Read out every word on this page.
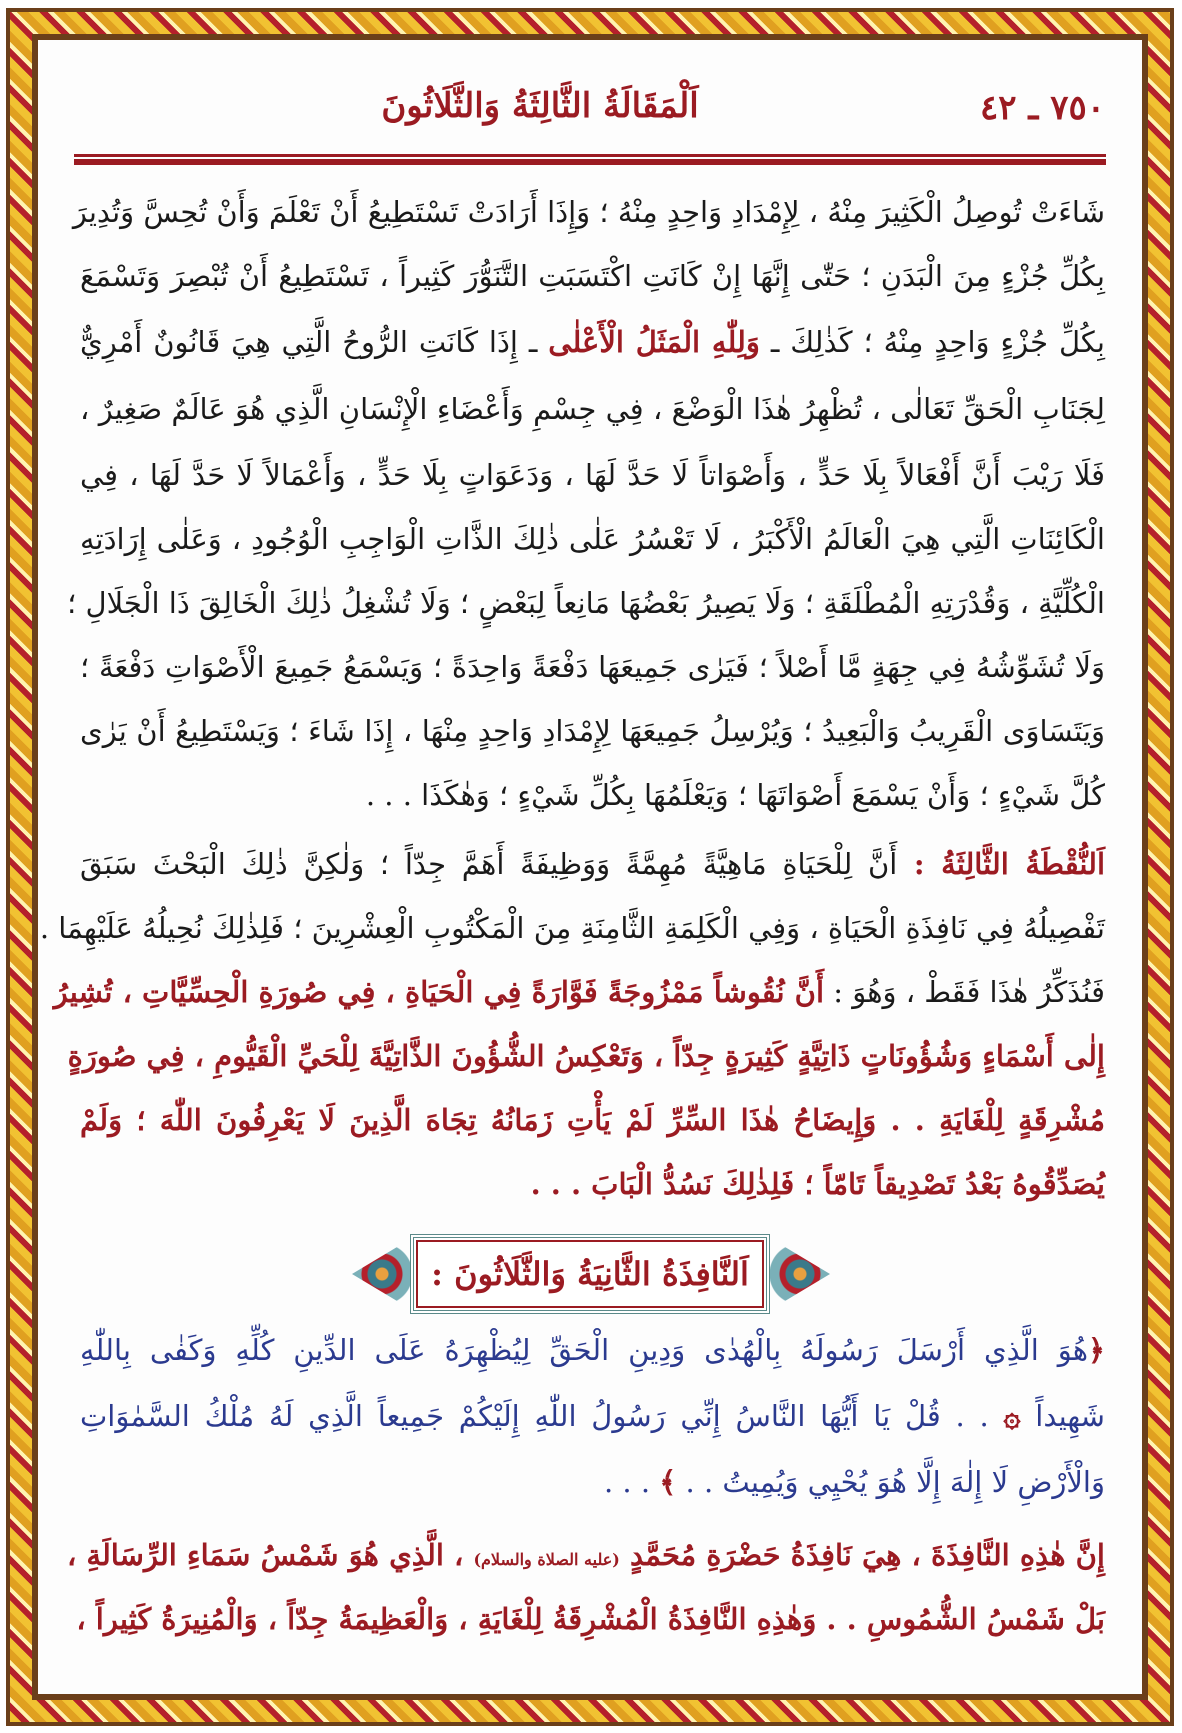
٧٥٠ ـ ٤٢
اَلْمَقَالَةُ الثَّالِثَةُ وَالثَّلَاثُونَ
شَاءَتْ تُوصِلُ الْكَثِيرَ مِنْهُ ، لِإِمْدَادِ وَاحِدٍ مِنْهُ ؛ وَإِذَا أَرَادَتْ تَسْتَطِيعُ أَنْ تَعْلَمَ وَأَنْ تُحِسَّ وَتُدِيرَ
بِكُلِّ جُزْءٍ مِنَ الْبَدَنِ ؛ حَتّٰى إِنَّهَا إِنْ كَانَتِ اكْتَسَبَتِ التَّنَوُّرَ كَثِيراً ، تَسْتَطِيعُ أَنْ تُبْصِرَ وَتَسْمَعَ
بِكُلِّ جُزْءٍ وَاحِدٍ مِنْهُ ؛ كَذٰلِكَ ـ وَلِلّٰهِ الْمَثَلُ الْأَعْلٰى ـ إِذَا كَانَتِ الرُّوحُ الَّتِي هِيَ قَانُونٌ أَمْرِيٌّ
لِجَنَابِ الْحَقِّ تَعَالٰى ، تُظْهِرُ هٰذَا الْوَضْعَ ، فِي جِسْمِ وَأَعْضَاءِ الْإِنْسَانِ الَّذِي هُوَ عَالَمٌ صَغِيرٌ ،
فَلَا رَيْبَ أَنَّ أَفْعَالاً بِلَا حَدٍّ ، وَأَصْوَاتاً لَا حَدَّ لَهَا ، وَدَعَوَاتٍ بِلَا حَدٍّ ، وَأَعْمَالاً لَا حَدَّ لَهَا ، فِي
الْكَائِنَاتِ الَّتِي هِيَ الْعَالَمُ الْأَكْبَرُ ، لَا تَعْسُرُ عَلٰى ذٰلِكَ الذَّاتِ الْوَاجِبِ الْوُجُودِ ، وَعَلٰى إِرَادَتِهِ
الْكُلِّيَّةِ ، وَقُدْرَتِهِ الْمُطْلَقَةِ ؛ وَلَا يَصِيرُ بَعْضُهَا مَانِعاً لِبَعْضٍ ؛ وَلَا تُشْغِلُ ذٰلِكَ الْخَالِقَ ذَا الْجَلَالِ ؛
وَلَا تُشَوِّشُهُ فِي جِهَةٍ مَّا أَصْلاً ؛ فَيَرٰى جَمِيعَهَا دَفْعَةً وَاحِدَةً ؛ وَيَسْمَعُ جَمِيعَ الْأَصْوَاتِ دَفْعَةً ؛
وَيَتَسَاوَى الْقَرِيبُ وَالْبَعِيدُ ؛ وَيُرْسِلُ جَمِيعَهَا لِإِمْدَادِ وَاحِدٍ مِنْهَا ، إِذَا شَاءَ ؛ وَيَسْتَطِيعُ أَنْ يَرٰى
كُلَّ شَيْءٍ ؛ وَأَنْ يَسْمَعَ أَصْوَاتَهَا ؛ وَيَعْلَمُهَا بِكُلِّ شَيْءٍ ؛ وَهٰكَذَا . . .
اَلنُّقْطَةُ الثَّالِثَةُ : أَنَّ لِلْحَيَاةِ مَاهِيَّةً مُهِمَّةً وَوَظِيفَةً أَهَمَّ جِدّاً ؛ وَلٰكِنَّ ذٰلِكَ الْبَحْثَ سَبَقَ
تَفْصِيلُهُ فِي نَافِذَةِ الْحَيَاةِ ، وَفِي الْكَلِمَةِ الثَّامِنَةِ مِنَ الْمَكْتُوبِ الْعِشْرِينَ ؛ فَلِذٰلِكَ نُحِيلُهُ عَلَيْهِمَا .
فَنُذَكِّرُ هٰذَا فَقَطْ ، وَهُوَ : أَنَّ نُقُوشاً مَمْزُوجَةً فَوَّارَةً فِي الْحَيَاةِ ، فِي صُورَةِ الْحِسِّيَّاتِ ، تُشِيرُ
إِلٰى أَسْمَاءٍ وَشُؤُونَاتٍ ذَاتِيَّةٍ كَثِيرَةٍ جِدّاً ، وَتَعْكِسُ الشُّؤُونَ الذَّاتِيَّةَ لِلْحَيِّ الْقَيُّومِ ، فِي صُورَةٍ
مُشْرِقَةٍ لِلْغَايَةِ . . وَإِيضَاحُ هٰذَا السِّرِّ لَمْ يَأْتِ زَمَانُهُ تِجَاهَ الَّذِينَ لَا يَعْرِفُونَ اللّٰهَ ؛ وَلَمْ
يُصَدِّقُوهُ بَعْدُ تَصْدِيقاً تَامّاً ؛ فَلِذٰلِكَ نَسُدُّ الْبَابَ . . .
﴿هُوَ الَّذِي أَرْسَلَ رَسُولَهُ بِالْهُدٰى وَدِينِ الْحَقِّ لِيُظْهِرَهُ عَلَى الدِّينِ كُلِّهِ وَكَفٰى بِاللّٰهِ
شَهِيداً ۞ . . قُلْ يَا أَيُّهَا النَّاسُ إِنِّي رَسُولُ اللّٰهِ إِلَيْكُمْ جَمِيعاً الَّذِي لَهُ مُلْكُ السَّمٰوَاتِ
وَالْأَرْضِ لَا إِلٰهَ إِلَّا هُوَ يُحْيِي وَيُمِيتُ . . ﴾ . . .
إِنَّ هٰذِهِ النَّافِذَةَ ، هِيَ نَافِذَةُ حَضْرَةِ مُحَمَّدٍ (عليه الصلاة والسلام) ، الَّذِي هُوَ شَمْسُ سَمَاءِ الرِّسَالَةِ ،
بَلْ شَمْسُ الشُّمُوسِ . . وَهٰذِهِ النَّافِذَةُ الْمُشْرِقَةُ لِلْغَايَةِ ، وَالْعَظِيمَةُ جِدّاً ، وَالْمُنِيرَةُ كَثِيراً ،
اَلنَّافِذَةُ الثَّانِيَةُ وَالثَّلَاثُونَ :
